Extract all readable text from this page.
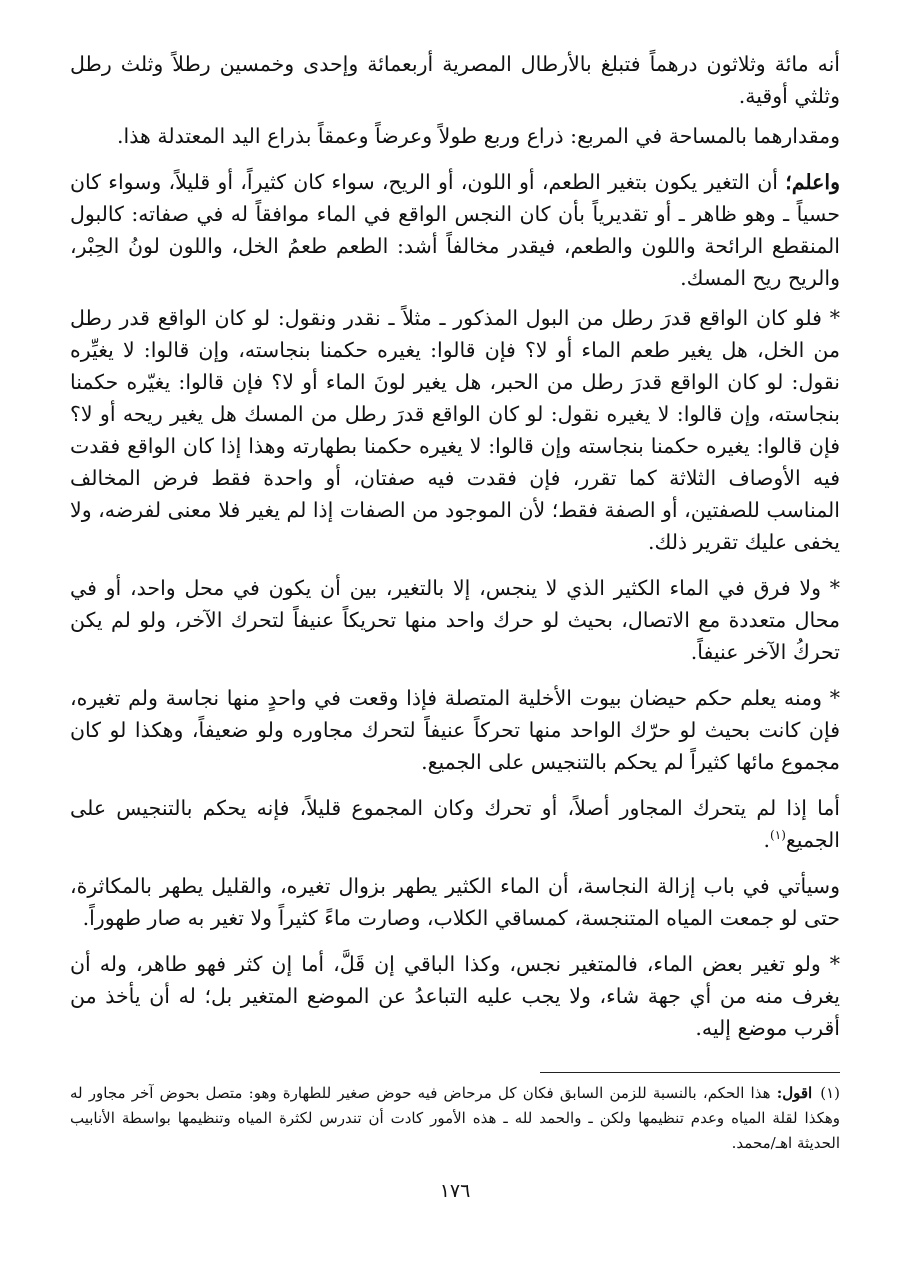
أنه مائة وثلاثون درهماً فتبلغ بالأرطال المصرية أربعمائة وإحدى وخمسين رطلاً وثلث رطل وثلثي أوقية.

ومقدارهما بالمساحة في المربع: ذراع وربع طولاً وعرضاً وعمقاً بذراع اليد المعتدلة هذا.

واعلم؛ أن التغير يكون بتغير الطعم، أو اللون، أو الريح، سواء كان كثيراً، أو قليلاً، وسواء كان حسياً ـ وهو ظاهر ـ أو تقديرياً بأن كان النجس الواقع في الماء موافقاً له في صفاته: كالبول المنقطع الرائحة واللون والطعم، فيقدر مخالفاً أشد: الطعم طعمُ الخل، واللون لونُ الحِبْر، والريح ريح المسك.

* فلو كان الواقع قدرَ رطل من البول المذكور ـ مثلاً ـ نقدر ونقول: لو كان الواقع قدر رطل من الخل، هل يغير طعم الماء أو لا؟ فإن قالوا: يغيره حكمنا بنجاسته، وإن قالوا: لا يغيِّره نقول: لو كان الواقع قدرَ رطل من الحبر، هل يغير لونَ الماء أو لا؟ فإن قالوا: يغيّره حكمنا بنجاسته، وإن قالوا: لا يغيره نقول: لو كان الواقع قدرَ رطل من المسك هل يغير ريحه أو لا؟ فإن قالوا: يغيره حكمنا بنجاسته وإن قالوا: لا يغيره حكمنا بطهارته وهذا إذا كان الواقع فقدت فيه الأوصاف الثلاثة كما تقرر، فإن فقدت فيه صفتان، أو واحدة فقط فرض المخالف المناسب للصفتين، أو الصفة فقط؛ لأن الموجود من الصفات إذا لم يغير فلا معنى لفرضه، ولا يخفى عليك تقرير ذلك.

* ولا فرق في الماء الكثير الذي لا ينجس، إلا بالتغير، بين أن يكون في محل واحد، أو في محال متعددة مع الاتصال، بحيث لو حرك واحد منها تحريكاً عنيفاً لتحرك الآخر، ولو لم يكن تحركُ الآخر عنيفاً.

* ومنه يعلم حكم حيضان بيوت الأخلية المتصلة فإذا وقعت في واحدٍ منها نجاسة ولم تغيره، فإن كانت بحيث لو حرّك الواحد منها تحركاً عنيفاً لتحرك مجاوره ولو ضعيفاً، وهكذا لو كان مجموع مائها كثيراً لم يحكم بالتنجيس على الجميع.

أما إذا لم يتحرك المجاور أصلاً، أو تحرك وكان المجموع قليلاً، فإنه يحكم بالتنجيس على الجميع$^{(١)}$.

وسيأتي في باب إزالة النجاسة، أن الماء الكثير يطهر بزوال تغيره، والقليل يطهر بالمكاثرة، حتى لو جمعت المياه المتنجسة، كمساقي الكلاب، وصارت ماءً كثيراً ولا تغير به صار طهوراً.

* ولو تغير بعض الماء، فالمتغير نجس، وكذا الباقي إن قَلَّ، أما إن كثر فهو طاهر، وله أن يغرف منه من أي جهة شاء، ولا يجب عليه التباعدُ عن الموضع المتغير بل؛ له أن يأخذ من أقرب موضع إليه.

(١)اقول: هذا الحكم، بالنسبة للزمن السابق فكان كل مرحاض فيه حوض صغير للطهارة وهو: متصل بحوض آخر مجاور له وهكذا لقلة المياه وعدم تنظيمها ولكن ـ والحمد لله ـ هذه الأمور كادت أن تندرس لكثرة المياه وتنظيمها بواسطة الأنابيب الحديثة اهـ/محمد.
١٧٦
